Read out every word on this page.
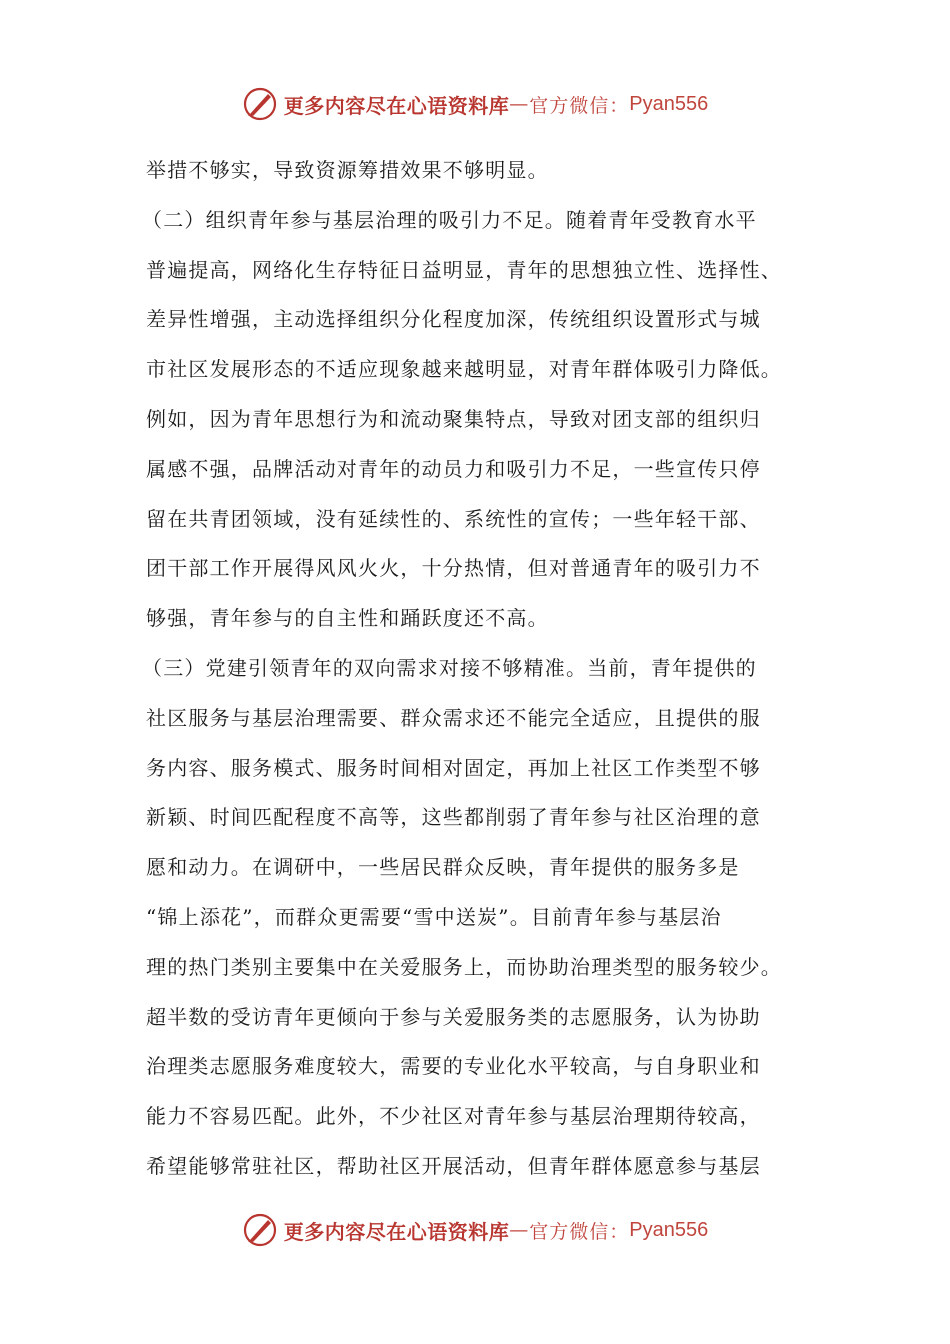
更多内容尽在心语资料库 — 官方微信： Pyan556
举措不够实，导致资源筹措效果不够明显。
（二）组织青年参与基层治理的吸引力不足。随着青年受教育水平
普遍提高，网络化生存特征日益明显，青年的思想独立性、选择性、
差异性增强，主动选择组织分化程度加深，传统组织设置形式与城
市社区发展形态的不适应现象越来越明显，对青年群体吸引力降低。
例如，因为青年思想行为和流动聚集特点，导致对团支部的组织归
属感不强，品牌活动对青年的动员力和吸引力不足，一些宣传只停
留在共青团领域，没有延续性的、系统性的宣传；一些年轻干部、
团干部工作开展得风风火火，十分热情，但对普通青年的吸引力不
够强，青年参与的自主性和踊跃度还不高。
（三）党建引领青年的双向需求对接不够精准。当前，青年提供的
社区服务与基层治理需要、群众需求还不能完全适应，且提供的服
务内容、服务模式、服务时间相对固定，再加上社区工作类型不够
新颖、时间匹配程度不高等，这些都削弱了青年参与社区治理的意
愿和动力。在调研中，一些居民群众反映，青年提供的服务多是
“锦上添花”，而群众更需要“雪中送炭”。目前青年参与基层治
理的热门类别主要集中在关爱服务上，而协助治理类型的服务较少。
超半数的受访青年更倾向于参与关爱服务类的志愿服务，认为协助
治理类志愿服务难度较大，需要的专业化水平较高，与自身职业和
能力不容易匹配。此外，不少社区对青年参与基层治理期待较高，
希望能够常驻社区，帮助社区开展活动，但青年群体愿意参与基层
更多内容尽在心语资料库 — 官方微信： Pyan556
